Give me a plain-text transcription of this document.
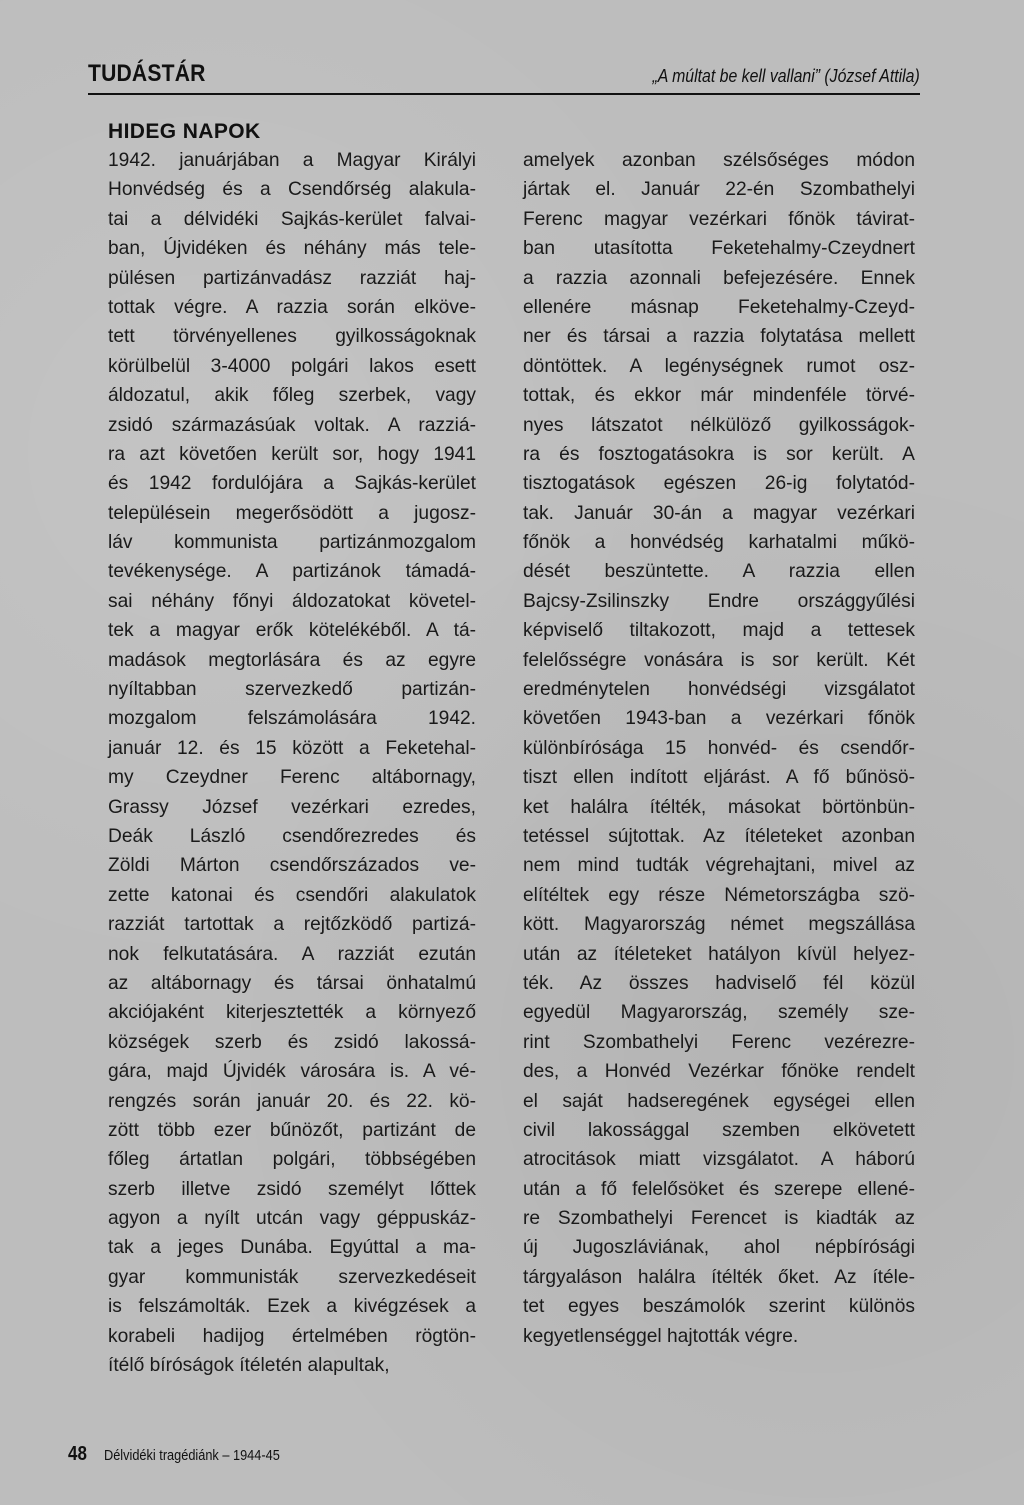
TUDÁSTÁR	„A múltat be kell vallani” (József Attila)
HIDEG NAPOK
1942. januárjában a Magyar Királyi
Honvédség és a Csendőrség alakula-
tai a délvidéki Sajkás-kerület falvai-
ban, Újvidéken és néhány más tele-
pülésen partizánvadász razziát haj-
tottak végre. A razzia során elköve-
tett törvényellenes gyilkosságoknak
körülbelül 3-4000 polgári lakos esett
áldozatul, akik főleg szerbek, vagy
zsidó származásúak voltak. A razziá-
ra azt követően került sor, hogy 1941
és 1942 fordulójára a Sajkás-kerület
településein megerősödött a jugosz-
láv kommunista partizánmozgalom
tevékenysége. A partizánok támadá-
sai néhány főnyi áldozatokat követel-
tek a magyar erők kötelékéből. A tá-
madások megtorlására és az egyre
nyíltabban szervezkedő partizán-
mozgalom felszámolására 1942.
január 12. és 15 között a Feketehal-
my Czeydner Ferenc altábornagy,
Grassy József vezérkari ezredes,
Deák László csendőrezredes és
Zöldi Márton csendőrszázados ve-
zette katonai és csendőri alakulatok
razziát tartottak a rejtőzködő partizá-
nok felkutatására. A razziát ezután
az altábornagy és társai önhatalmú
akciójaként kiterjesztették a környező
községek szerb és zsidó lakossá-
gára, majd Újvidék városára is. A vé-
rengzés során január 20. és 22. kö-
zött több ezer bűnözőt, partizánt de
főleg ártatlan polgári, többségében
szerb illetve zsidó személyt lőttek
agyon a nyílt utcán vagy géppuskáz-
tak a jeges Dunába. Egyúttal a ma-
gyar kommunisták szervezkedéseit
is felszámolták. Ezek a kivégzések a
korabeli hadijog értelmében rögtön-
ítélő bíróságok ítéletén alapultak,
amelyek azonban szélsőséges módon
jártak el. Január 22-én Szombathelyi
Ferenc magyar vezérkari főnök távirat-
ban utasította Feketehalmy-Czeydnert
a razzia azonnali befejezésére. Ennek
ellenére másnap Feketehalmy-Czeyd-
ner és társai a razzia folytatása mellett
döntöttek. A legénységnek rumot osz-
tottak, és ekkor már mindenféle törvé-
nyes látszatot nélkülöző gyilkosságok-
ra és fosztogatásokra is sor került. A
tisztogatások egészen 26-ig folytatód-
tak. Január 30-án a magyar vezérkari
főnök a honvédség karhatalmi műkö-
dését beszüntette. A razzia ellen
Bajcsy-Zsilinszky Endre országgyűlési
képviselő tiltakozott, majd a tettesek
felelősségre vonására is sor került. Két
eredménytelen honvédségi vizsgálatot
követően 1943-ban a vezérkari főnök
különbírósága 15 honvéd- és csendőr-
tiszt ellen indított eljárást. A fő bűnösö-
ket halálra ítélték, másokat börtönbün-
tetéssel sújtottak. Az ítéleteket azonban
nem mind tudták végrehajtani, mivel az
elítéltek egy része Németországba szö-
kött. Magyarország német megszállása
után az ítéleteket hatályon kívül helyez-
ték. Az összes hadviselő fél közül
egyedül Magyarország, személy sze-
rint Szombathelyi Ferenc vezérezre-
des, a Honvéd Vezérkar főnöke rendelt
el saját hadseregének egységei ellen
civil lakossággal szemben elkövetett
atrocitások miatt vizsgálatot. A háború
után a fő felelősöket és szerepe ellené-
re Szombathelyi Ferencet is kiadták az
új Jugoszláviának, ahol népbírósági
tárgyaláson halálra ítélték őket. Az ítéle-
tet egyes beszámolók szerint különös
kegyetlenséggel hajtották végre.
48 Délvidéki tragédiánk – 1944-45
